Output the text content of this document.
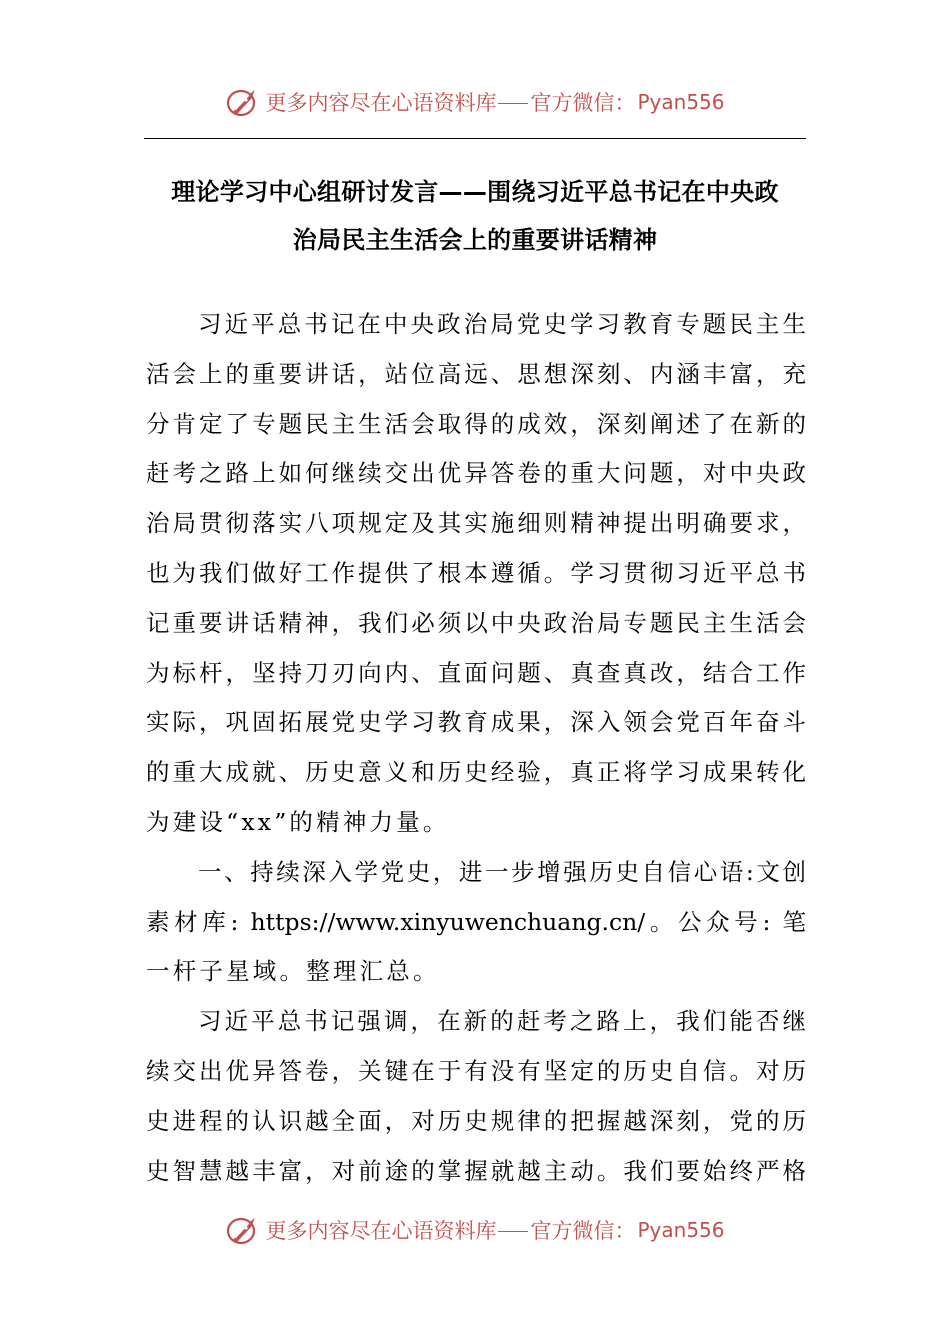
更多内容尽在心语资料库 官方微信： Pyan556
理论学习中心组研讨发言——围绕习近平总书记在中央政
治局民主生活会上的重要讲话精神
习近平总书记在中央政治局党史学习教育专题民主生
活会上的重要讲话，站位高远、思想深刻、内涵丰富，充
分肯定了专题民主生活会取得的成效，深刻阐述了在新的
赶考之路上如何继续交出优异答卷的重大问题，对中央政
治局贯彻落实八项规定及其实施细则精神提出明确要求，
也为我们做好工作提供了根本遵循。学习贯彻习近平总书
记重要讲话精神，我们必须以中央政治局专题民主生活会
为标杆，坚持刀刃向内、直面问题、真查真改，结合工作
实际，巩固拓展党史学习教育成果，深入领会党百年奋斗
的重大成就、历史意义和历史经验，真正将学习成果转化
为建设“xx”的精神力量。
一、持续深入学党史，进一步增强历史自信心语:文创
素材库: https://www.xinyuwenchuang.cn/。公众号: 笔
一杆子星域。整理汇总。
习近平总书记强调，在新的赶考之路上，我们能否继
续交出优异答卷，关键在于有没有坚定的历史自信。对历
史进程的认识越全面，对历史规律的把握越深刻，党的历
史智慧越丰富，对前途的掌握就越主动。我们要始终严格
更多内容尽在心语资料库 官方微信： Pyan556
